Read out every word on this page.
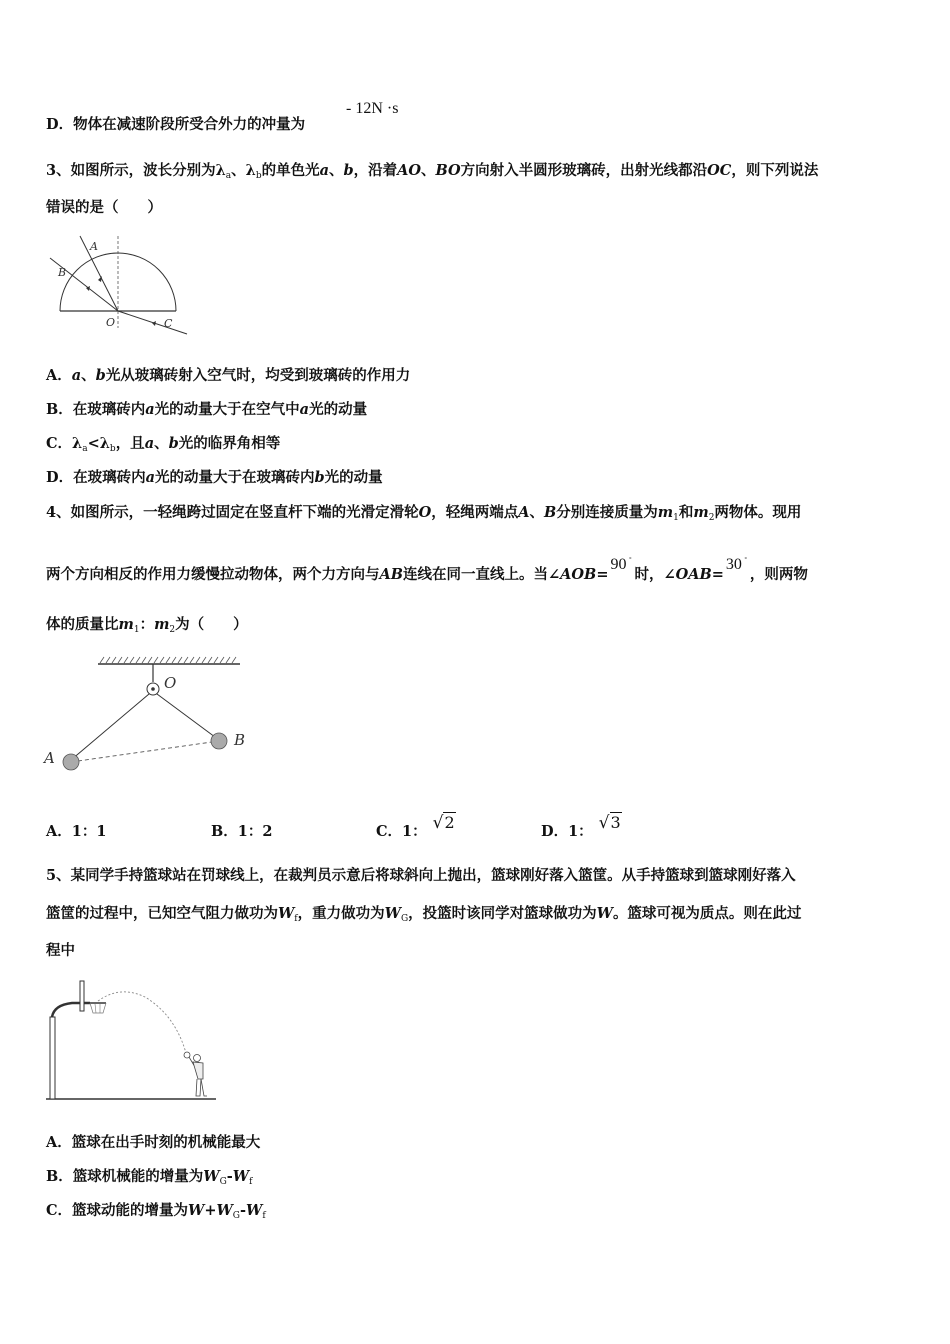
D．物体在减速阶段所受合外力的冲量为
- 12N ·s
3、如图所示，波长分别为$\lambda_a$、$\lambda_b$的单色光a、b，沿着AO、BO方向射入半圆形玻璃砖，出射光线都沿OC，则下列说法
错误的是（　　）
A
B
O	C
A．a、b光从玻璃砖射入空气时，均受到玻璃砖的作用力
B．在玻璃砖内a光的动量大于在空气中a光的动量
C．$\lambda_a<\lambda_b$，且a、b光的临界角相等
D．在玻璃砖内a光的动量大于在玻璃砖内b光的动量
4、如图所示，一轻绳跨过固定在竖直杆下端的光滑定滑轮O，轻绳两端点A、B分别连接质量为$m_1$和$m_2$两物体。现用
两个方向相反的作用力缓慢拉动物体，两个力方向与AB连线在同一直线上。当∠AOB=90 °
时，∠OAB=30 °
，则两物
体的质量比$m_1$：$m_2$为（　　）
O
A
B
A．1：1	B．1：2	C．1： √2	D．1： √3
5、某同学手持篮球站在罚球线上，在裁判员示意后将球斜向上抛出，篮球刚好落入篮筐。从手持篮球到篮球刚好落入
篮筐的过程中，已知空气阻力做功为$W_f$，重力做功为$W_G$，投篮时该同学对篮球做功为W。篮球可视为质点。则在此过
程中
A．篮球在出手时刻的机械能最大
B．篮球机械能的增量为$W_G-W_f$
C．篮球动能的增量为$W+W_G-W_f$
